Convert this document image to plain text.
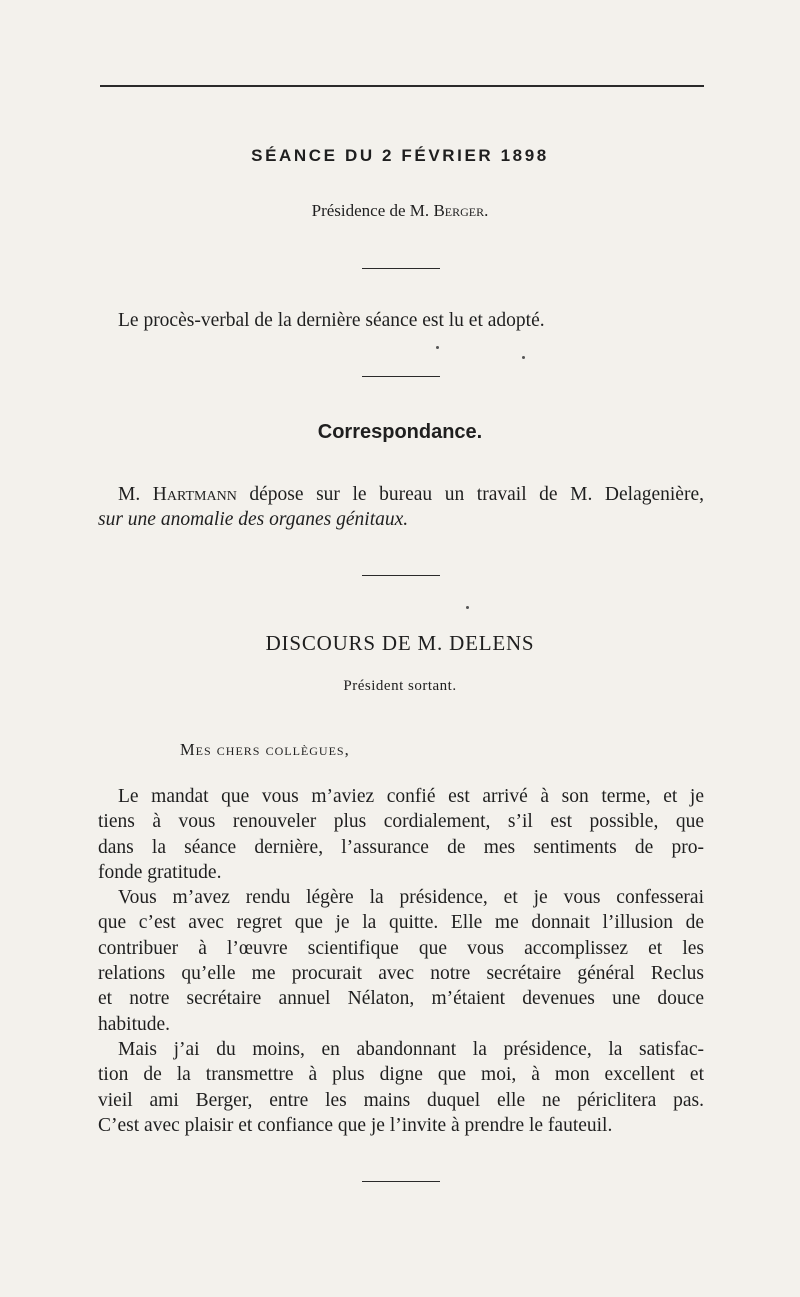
SÉANCE DU 2 FÉVRIER 1898
Présidence de M. Berger.
Le procès-verbal de la dernière séance est lu et adopté.
Correspondance.
M. Hartmann dépose sur le bureau un travail de M. Delagenière,
sur une anomalie des organes génitaux.
DISCOURS DE M. DELENS
Président sortant.
Mes chers collègues,

Le mandat que vous m’aviez confié est arrivé à son terme, et je
tiens à vous renouveler plus cordialement, s’il est possible, que
dans la séance dernière, l’assurance de mes sentiments de pro-
fonde gratitude.

Vous m’avez rendu légère la présidence, et je vous confesserai
que c’est avec regret que je la quitte. Elle me donnait l’illusion de
contribuer à l’œuvre scientifique que vous accomplissez et les
relations qu’elle me procurait avec notre secrétaire général Reclus
et notre secrétaire annuel Nélaton, m’étaient devenues une douce
habitude.

Mais j’ai du moins, en abandonnant la présidence, la satisfac-
tion de la transmettre à plus digne que moi, à mon excellent et
vieil ami Berger, entre les mains duquel elle ne périclitera pas.
C’est avec plaisir et confiance que je l’invite à prendre le fauteuil.
